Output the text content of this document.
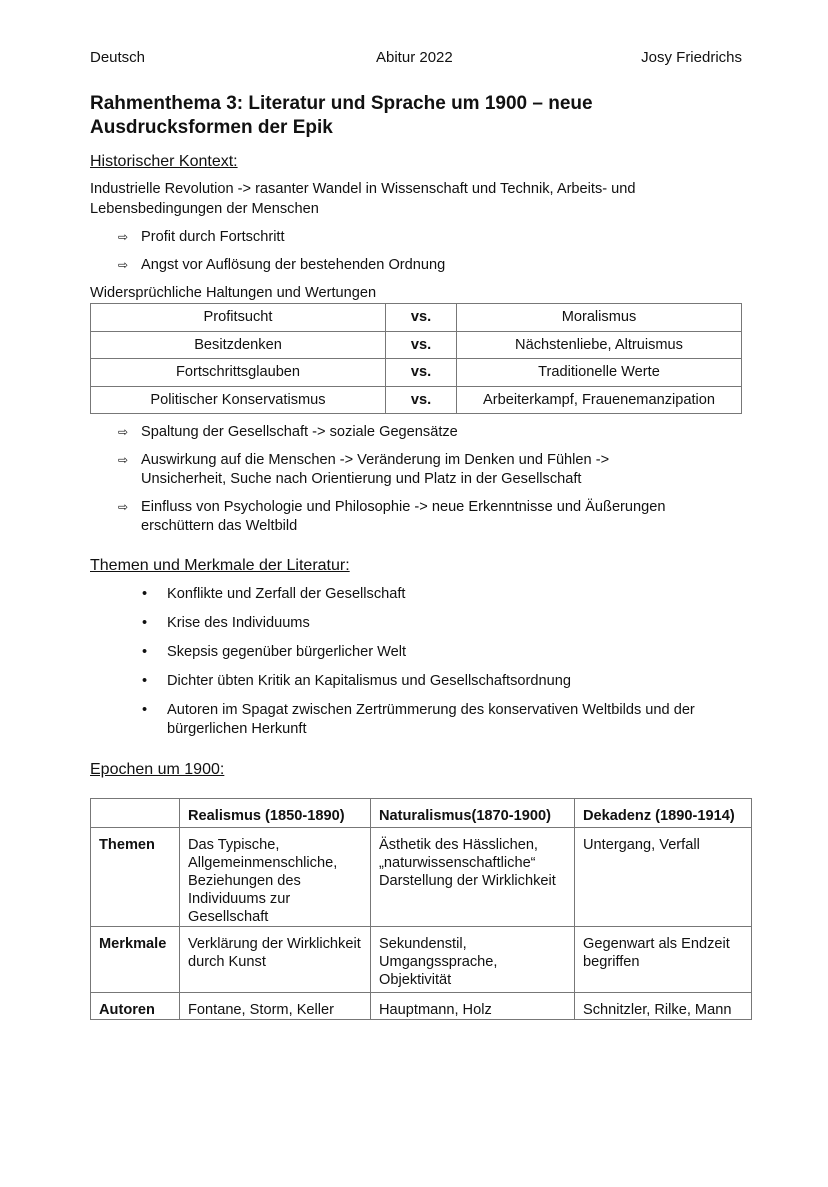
Deutsch	Abitur 2022	Josy Friedrichs
Rahmenthema 3: Literatur und Sprache um 1900 – neue Ausdrucksformen der Epik
Historischer Kontext:
Industrielle Revolution -> rasanter Wandel in Wissenschaft und Technik, Arbeits- und Lebensbedingungen der Menschen
⇨ Profit durch Fortschritt
⇨ Angst vor Auflösung der bestehenden Ordnung
Widersprüchliche Haltungen und Wertungen
Profitsucht	vs.	Moralismus
Besitzdenken	vs.	Nächstenliebe, Altruismus
Fortschrittsglauben	vs.	Traditionelle Werte
Politischer Konservatismus	vs.	Arbeiterkampf, Frauenemanzipation
⇨ Spaltung der Gesellschaft -> soziale Gegensätze
⇨ Auswirkung auf die Menschen -> Veränderung im Denken und Fühlen -> Unsicherheit, Suche nach Orientierung und Platz in der Gesellschaft
⇨ Einfluss von Psychologie und Philosophie -> neue Erkenntnisse und Äußerungen erschüttern das Weltbild
Themen und Merkmale der Literatur:
•	Konflikte und Zerfall der Gesellschaft
•	Krise des Individuums
•	Skepsis gegenüber bürgerlicher Welt
•	Dichter übten Kritik an Kapitalismus und Gesellschaftsordnung
•	Autoren im Spagat zwischen Zertrümmerung des konservativen Weltbilds und der bürgerlichen Herkunft
Epochen um 1900:
	Realismus (1850-1890)	Naturalismus(1870-1900)	Dekadenz (1890-1914)
Themen	Das Typische, Allgemeinmenschliche, Beziehungen des Individuums zur Gesellschaft	Ästhetik des Hässlichen, „naturwissenschaftliche“ Darstellung der Wirklichkeit	Untergang, Verfall
Merkmale	Verklärung der Wirklichkeit durch Kunst	Sekundenstil, Umgangssprache, Objektivität	Gegenwart als Endzeit begriffen
Autoren	Fontane, Storm, Keller	Hauptmann, Holz	Schnitzler, Rilke, Mann
